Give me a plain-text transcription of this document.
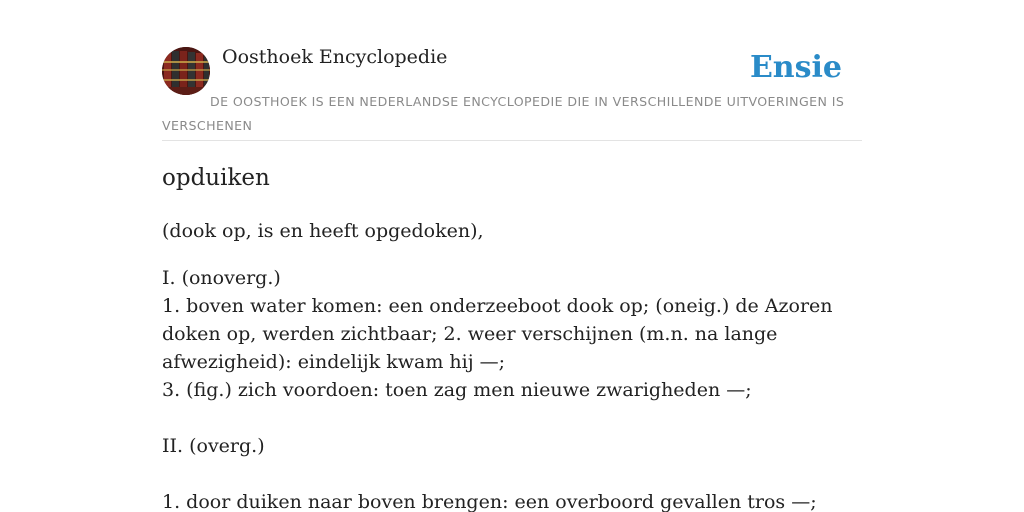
Oosthoek Encyclopedie	Ensie

DE OOSTHOEK IS EEN NEDERLANDSE ENCYCLOPEDIE DIE IN VERSCHILLENDE UITVOERINGEN IS VERSCHENEN

opduiken

(dook op, is en heeft opgedoken),

I. (onoverg.)
1. boven water komen: een onderzeeboot dook op; (oneig.) de Azoren doken op, werden zichtbaar; 2. weer verschijnen (m.n. na lange afwezigheid): eindelijk kwam hij —;
3. (fig.) zich voordoen: toen zag men nieuwe zwarigheden —;
II. (overg.)
1. door duiken naar boven brengen: een overboord gevallen tros —;
